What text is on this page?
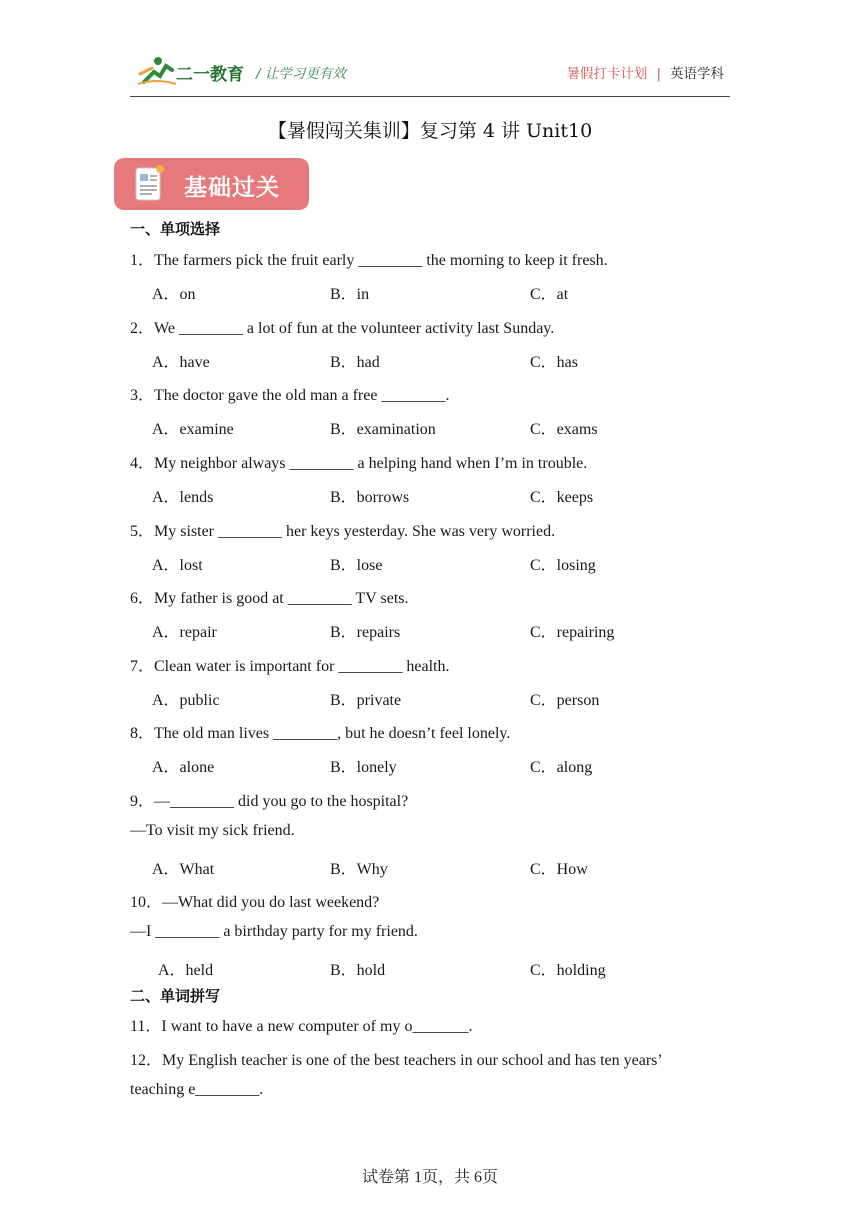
二一教育 / 让学习更有效	暑假打卡计划 | 英语学科
【暑假闯关集训】复习第 4 讲 Unit10
基础过关
一、单项选择
1．The farmers pick the fruit early ________ the morning to keep it fresh.
A．on	B．in	C．at
2．We ________ a lot of fun at the volunteer activity last Sunday.
A．have	B．had	C．has
3．The doctor gave the old man a free ________.
A．examine	B．examination	C．exams
4．My neighbor always ________ a helping hand when I’m in trouble.
A．lends	B．borrows	C．keeps
5．My sister ________ her keys yesterday. She was very worried.
A．lost	B．lose	C．losing
6．My father is good at ________ TV sets.
A．repair	B．repairs	C．repairing
7．Clean water is important for ________ health.
A．public	B．private	C．person
8．The old man lives ________, but he doesn’t feel lonely.
A．alone	B．lonely	C．along
9．—________ did you go to the hospital?
—To visit my sick friend.
A．What	B．Why	C．How
10．—What did you do last weekend?
—I ________ a birthday party for my friend.
A．held	B．hold	C．holding
二、单词拼写
11．I want to have a new computer of my o_______.
12．My English teacher is one of the best teachers in our school and has ten years’
teaching e________.
试卷第 1页，共 6页
